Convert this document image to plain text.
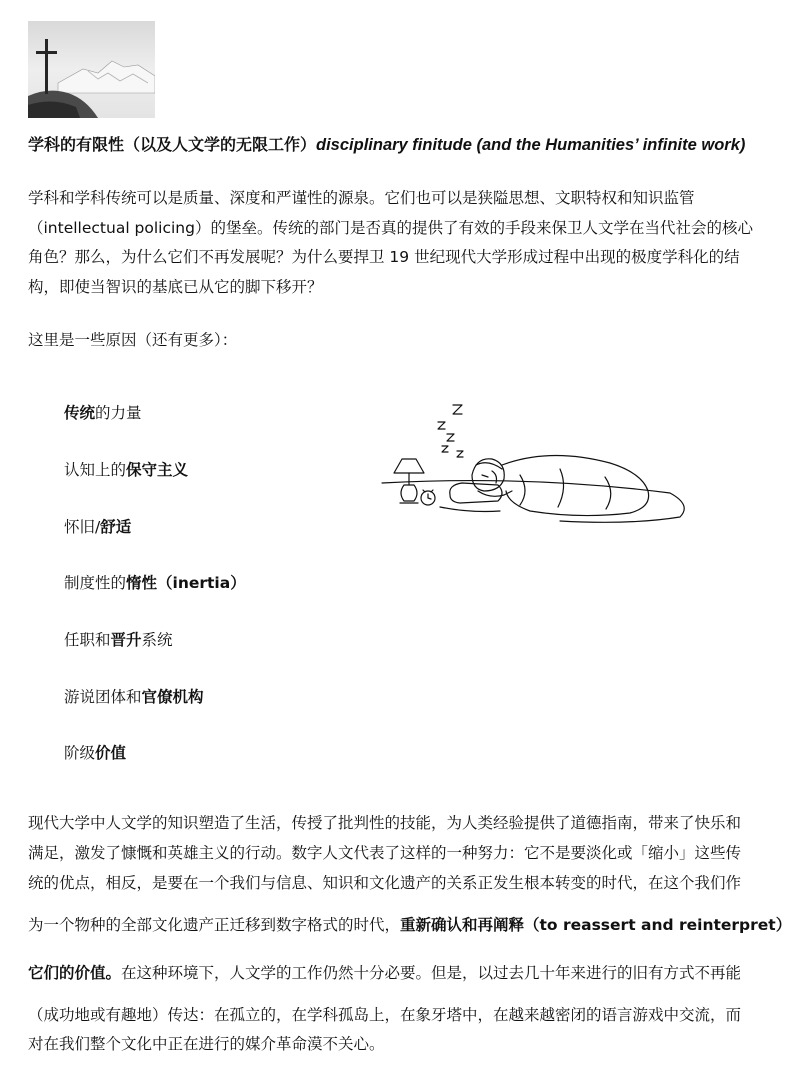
学科的有限性（以及人文学的无限工作）disciplinary finitude (and the Humanities’ infinite work)
学科和学科传统可以是质量、深度和严谨性的源泉。它们也可以是狭隘思想、文职特权和知识监管
（intellectual policing）的堡垒。传统的部门是否真的提供了有效的手段来保卫人文学在当代社会的核心
角色？那么，为什么它们不再发展呢？为什么要捍卫 19 世纪现代大学形成过程中出现的极度学科化的结
构，即使当智识的基底已从它的脚下移开？
这里是一些原因（还有更多）：
传统的力量
认知上的保守主义
怀旧/舒适
制度性的惰性（inertia）
任职和晋升系统
游说团体和官僚机构
阶级价值
现代大学中人文学的知识塑造了生活，传授了批判性的技能，为人类经验提供了道德指南，带来了快乐和
满足，激发了慷慨和英雄主义的行动。数字人文代表了这样的一种努力：它不是要淡化或「缩小」这些传
统的优点，相反，是要在一个我们与信息、知识和文化遗产的关系正发生根本转变的时代，在这个我们作
为一个物种的全部文化遗产正迁移到数字格式的时代，重新确认和再阐释（to reassert and reinterpret）
它们的价值。在这种环境下，人文学的工作仍然十分必要。但是，以过去几十年来进行的旧有方式不再能
（成功地或有趣地）传达：在孤立的，在学科孤岛上，在象牙塔中，在越来越密闭的语言游戏中交流，而
对在我们整个文化中正在进行的媒介革命漠不关心。
